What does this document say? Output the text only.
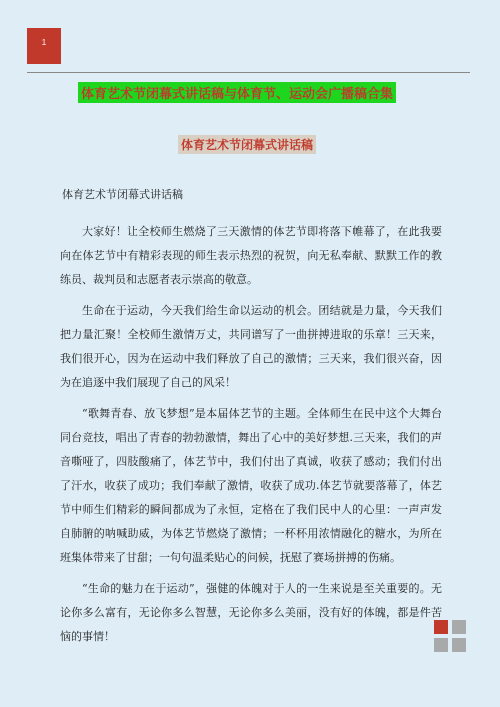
1
体育艺术节闭幕式讲话稿与体育节、运动会广播稿合集
体育艺术节闭幕式讲话稿

体育艺术节闭幕式讲话稿

大家好！让全校师生燃烧了三天激情的体艺节即将落下帷幕了，在此我要向在体艺节中有精彩表现的师生表示热烈的祝贺，向无私奉献、默默工作的教练员、裁判员和志愿者表示崇高的敬意。

生命在于运动，今天我们给生命以运动的机会。团结就是力量，今天我们把力量汇聚！全校师生激情万丈，共同谱写了一曲拼搏进取的乐章！三天来，我们很开心，因为在运动中我们释放了自己的激情；三天来，我们很兴奋，因为在追逐中我们展现了自己的风采！

“歌舞青春、放飞梦想”是本届体艺节的主题。全体师生在民中这个大舞台同台竞技，唱出了青春的勃勃激情，舞出了心中的美好梦想.三天来，我们的声音嘶哑了，四肢酸痛了，体艺节中，我们付出了真诚，收获了感动；我们付出了汗水，收获了成功；我们奉献了激情，收获了成功.体艺节就要落幕了，体艺节中师生们精彩的瞬间都成为了永恒，定格在了我们民中人的心里：一声声发自肺腑的呐喊助威，为体艺节燃烧了激情；一杯杯用浓情融化的糖水，为所在班集体带来了甘甜；一句句温柔贴心的问候，抚慰了赛场拼搏的伤痛。

“生命的魅力在于运动”，强健的体魄对于人的一生来说是至关重要的。无论你多么富有，无论你多么智慧，无论你多么美丽，没有好的体魄，都是件苦恼的事情！
